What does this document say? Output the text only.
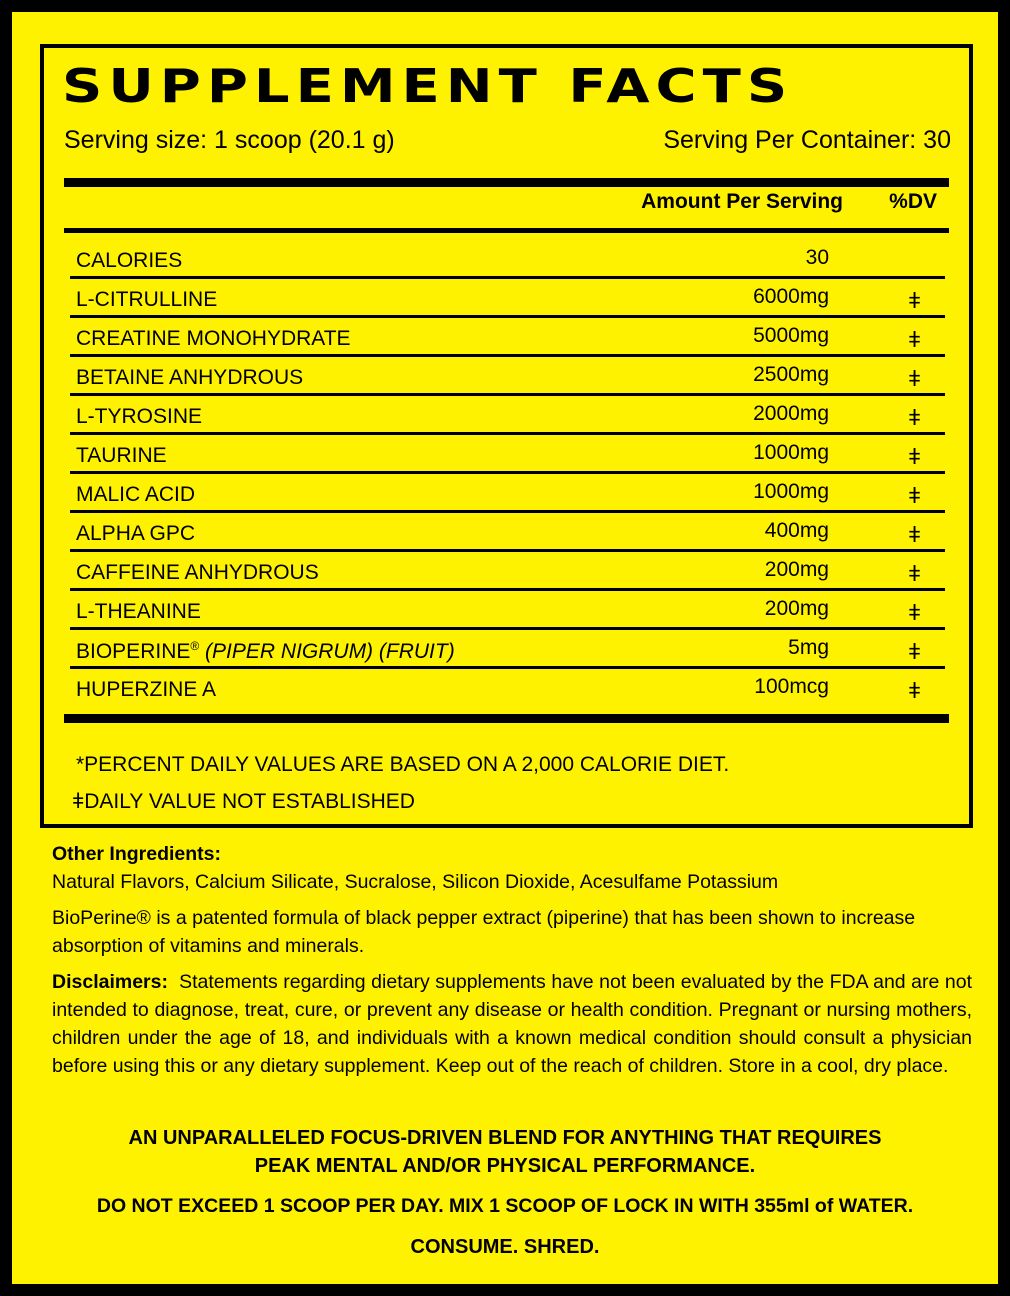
SUPPLEMENT FACTS
Serving size: 1 scoop (20.1 g)	Serving Per Container: 30
Amount Per Serving %DV
CALORIES	30
L-CITRULLINE	6000mg	ǂ
CREATINE MONOHYDRATE	5000mg	ǂ
BETAINE ANHYDROUS	2500mg	ǂ
L-TYROSINE	2000mg	ǂ
TAURINE	1000mg	ǂ
MALIC ACID	1000mg	ǂ
ALPHA GPC	400mg	ǂ
CAFFEINE ANHYDROUS	200mg	ǂ
L-THEANINE	200mg	ǂ
BIOPERINE® (PIPER NIGRUM) (FRUIT)	5mg	ǂ
HUPERZINE A	100mcg	ǂ
*PERCENT DAILY VALUES ARE BASED ON A 2,000 CALORIE DIET.
ǂDAILY VALUE NOT ESTABLISHED

Other Ingredients:

Natural Flavors, Calcium Silicate, Sucralose, Silicon Dioxide, Acesulfame Potassium

BioPerine® is a patented formula of black pepper extract (piperine) that has been shown to increase absorption of vitamins and minerals.

Disclaimers: Statements regarding dietary supplements have not been evaluated by the FDA and are not intended to diagnose, treat, cure, or prevent any disease or health condition. Pregnant or nursing mothers, children under the age of 18, and individuals with a known medical condition should consult a physician before using this or any dietary supplement. Keep out of the reach of children. Store in a cool, dry place.

AN UNPARALLELED FOCUS-DRIVEN BLEND FOR ANYTHING THAT REQUIRES
PEAK MENTAL AND/OR PHYSICAL PERFORMANCE.
DO NOT EXCEED 1 SCOOP PER DAY. MIX 1 SCOOP OF LOCK IN WITH 355ml of WATER.
CONSUME. SHRED.
